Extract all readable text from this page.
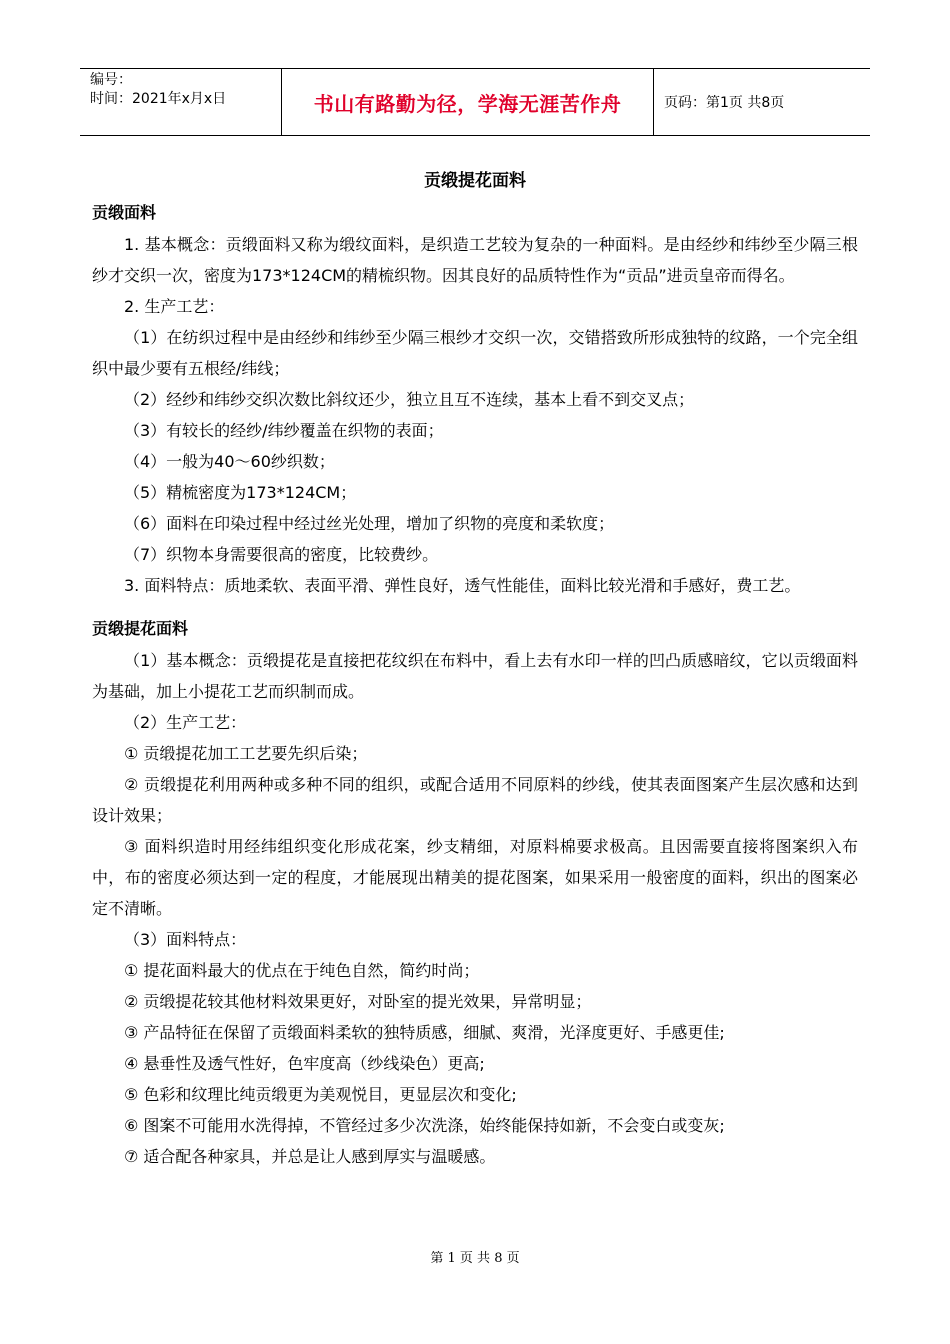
编号：
时间：2021年x月x日	书山有路勤为径，学海无涯苦作舟	页码：第1页 共8页
贡缎提花面料
贡缎面料

1. 基本概念：贡缎面料又称为缎纹面料，是织造工艺较为复杂的一种面料。是由经纱和纬纱至少隔三根纱才交织一次，密度为173*124CM的精梳织物。因其良好的品质特性作为“贡品”进贡皇帝而得名。

2. 生产工艺：

（1）在纺织过程中是由经纱和纬纱至少隔三根纱才交织一次，交错搭致所形成独特的纹路，一个完全组织中最少要有五根经/纬线；

（2）经纱和纬纱交织次数比斜纹还少，独立且互不连续，基本上看不到交叉点；

（3）有较长的经纱/纬纱覆盖在织物的表面；

（4）一般为40～60纱织数；

（5）精梳密度为173*124CM；

（6）面料在印染过程中经过丝光处理，增加了织物的亮度和柔软度；

（7）织物本身需要很高的密度，比较费纱。

3. 面料特点：质地柔软、表面平滑、弹性良好，透气性能佳，面料比较光滑和手感好，费工艺。

贡缎提花面料

（1）基本概念：贡缎提花是直接把花纹织在布料中，看上去有水印一样的凹凸质感暗纹，它以贡缎面料为基础，加上小提花工艺而织制而成。

（2）生产工艺：

① 贡缎提花加工工艺要先织后染；

② 贡缎提花利用两种或多种不同的组织，或配合适用不同原料的纱线，使其表面图案产生层次感和达到设计效果；

③ 面料织造时用经纬组织变化形成花案，纱支精细，对原料棉要求极高。且因需要直接将图案织入布中，布的密度必须达到一定的程度，才能展现出精美的提花图案，如果采用一般密度的面料，织出的图案必定不清晰。

（3）面料特点：

① 提花面料最大的优点在于纯色自然，简约时尚；

② 贡缎提花较其他材料效果更好，对卧室的提光效果，异常明显；

③ 产品特征在保留了贡缎面料柔软的独特质感，细腻、爽滑，光泽度更好、手感更佳;

④ 悬垂性及透气性好，色牢度高（纱线染色）更高;

⑤ 色彩和纹理比纯贡缎更为美观悦目，更显层次和变化;

⑥ 图案不可能用水洗得掉，不管经过多少次洗涤，始终能保持如新，不会变白或变灰;

⑦ 适合配各种家具，并总是让人感到厚实与温暖感。

第 1 页 共 8 页
